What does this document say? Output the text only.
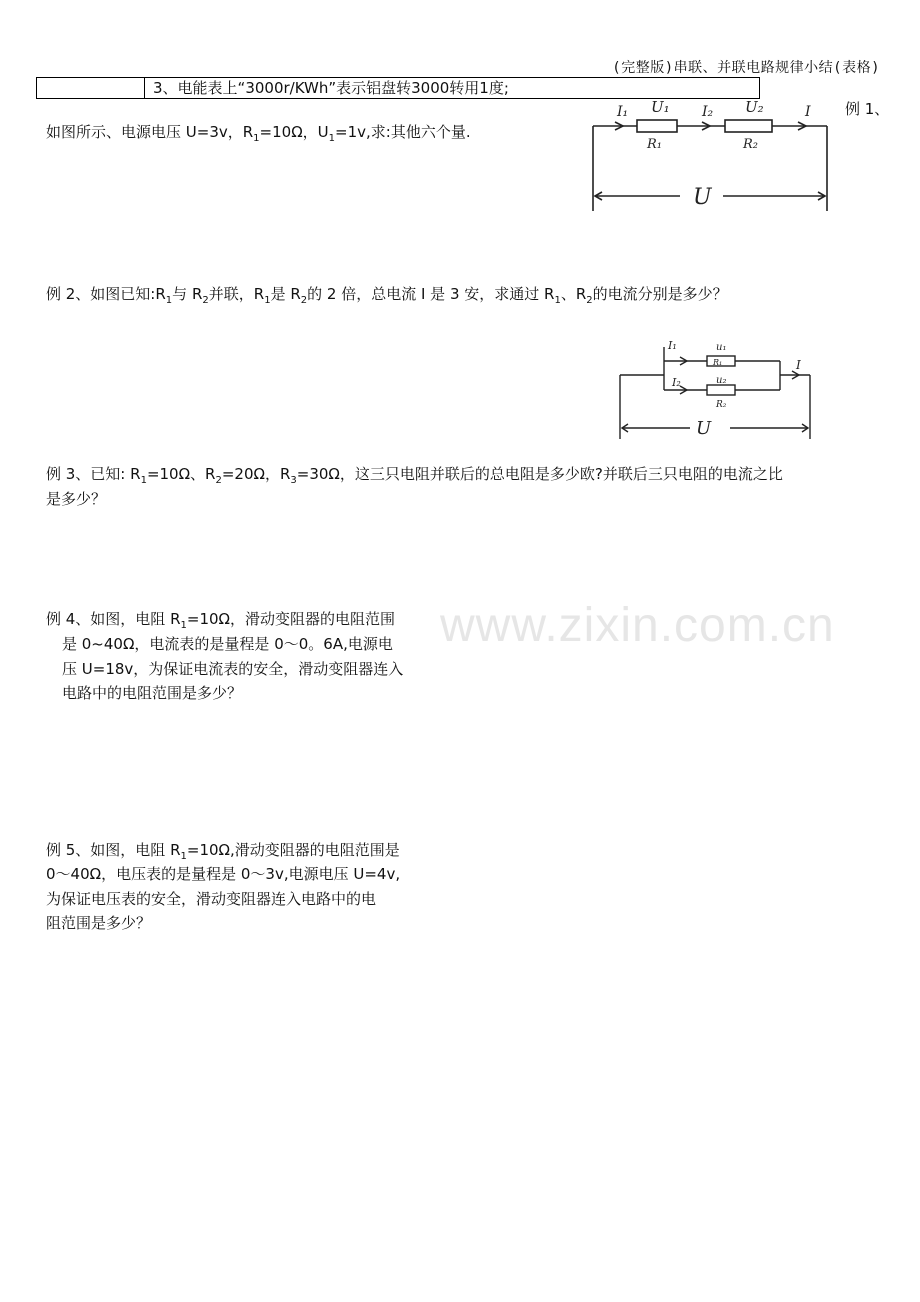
(完整版)串联、并联电路规律小结(表格)
3、电能表上“3000r/KWh”表示铝盘转3000转用1度;
例 1、
如图所示、电源电压 U=3v，$R_1=10\Omega$，$U_1=1v$,求:其他六个量.
I₁ U₁ I₂ U₂	I
R₁	R₂
U
例 2、如图已知$:R_1$与 $R_2$并联，$R_1$是 $R_2$的 2 倍，总电流 I 是 3 安，求通过 $R_1$、$R_2$的电流分别是多少？
I₁	u₁
R₁
I₂	u₂
R₂
I
U
例 3、已知: $R_1=10\Omega$、$R_2=20\Omega$，$R_3=30\Omega$，这三只电阻并联后的总电阻是多少欧?并联后三只电阻的电流之比
是多少？
www.zixin.com.cn
例 4、如图，电阻 $R_1=10\Omega$，滑动变阻器的电阻范围
是 0~40Ω，电流表的是量程是 0～0。6A,电源电
压 U=18v，为保证电流表的安全，滑动变阻器连入
电路中的电阻范围是多少？
例 5、如图，电阻 $R_1=10\Omega$,滑动变阻器的电阻范围是
0～40Ω，电压表的是量程是 0～3v,电源电压 U=4v,
为保证电压表的安全，滑动变阻器连入电路中的电
阻范围是多少？
